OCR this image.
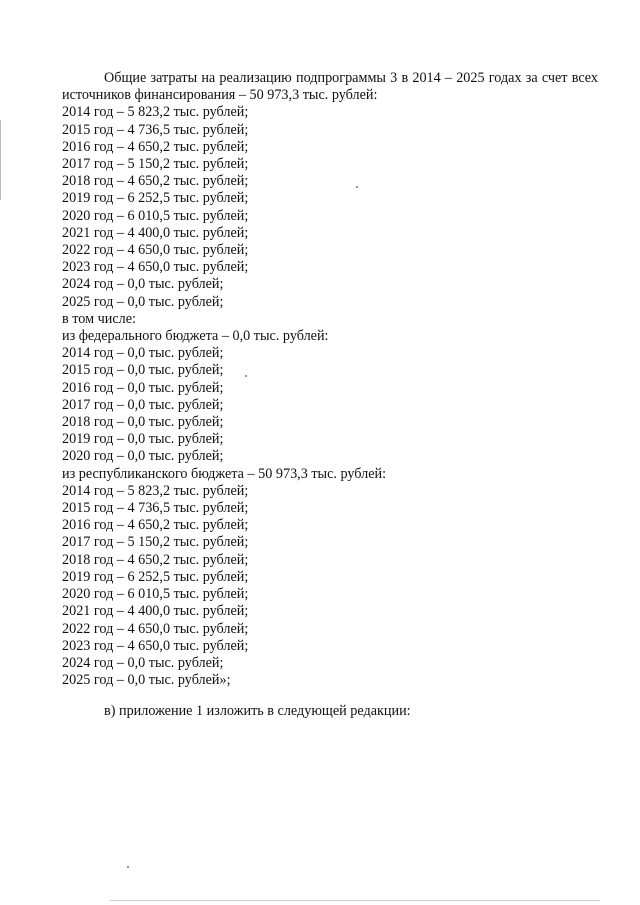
Общие затраты на реализацию подпрограммы 3 в 2014 – 2025 годах за счет всех источников финансирования – 50 973,3 тыс. рублей:

2014 год – 5 823,2 тыс. рублей;

2015 год – 4 736,5 тыс. рублей;

2016 год – 4 650,2 тыс. рублей;

2017 год – 5 150,2 тыс. рублей;

2018 год – 4 650,2 тыс. рублей;

2019 год – 6 252,5 тыс. рублей;

2020 год – 6 010,5 тыс. рублей;

2021 год – 4 400,0 тыс. рублей;

2022 год – 4 650,0 тыс. рублей;

2023 год – 4 650,0 тыс. рублей;

2024 год – 0,0 тыс. рублей;

2025 год – 0,0 тыс. рублей;

в том числе:

из федерального бюджета – 0,0 тыс. рублей:

2014 год – 0,0 тыс. рублей;

2015 год – 0,0 тыс. рублей;

2016 год – 0,0 тыс. рублей;

2017 год – 0,0 тыс. рублей;

2018 год – 0,0 тыс. рублей;

2019 год – 0,0 тыс. рублей;

2020 год – 0,0 тыс. рублей;

из республиканского бюджета – 50 973,3 тыс. рублей:

2014 год – 5 823,2 тыс. рублей;

2015 год – 4 736,5 тыс. рублей;

2016 год – 4 650,2 тыс. рублей;

2017 год – 5 150,2 тыс. рублей;

2018 год – 4 650,2 тыс. рублей;

2019 год – 6 252,5 тыс. рублей;

2020 год – 6 010,5 тыс. рублей;

2021 год – 4 400,0 тыс. рублей;

2022 год – 4 650,0 тыс. рублей;

2023 год – 4 650,0 тыс. рублей;

2024 год – 0,0 тыс. рублей;

2025 год – 0,0 тыс. рублей»;

в) приложение 1 изложить в следующей редакции:
